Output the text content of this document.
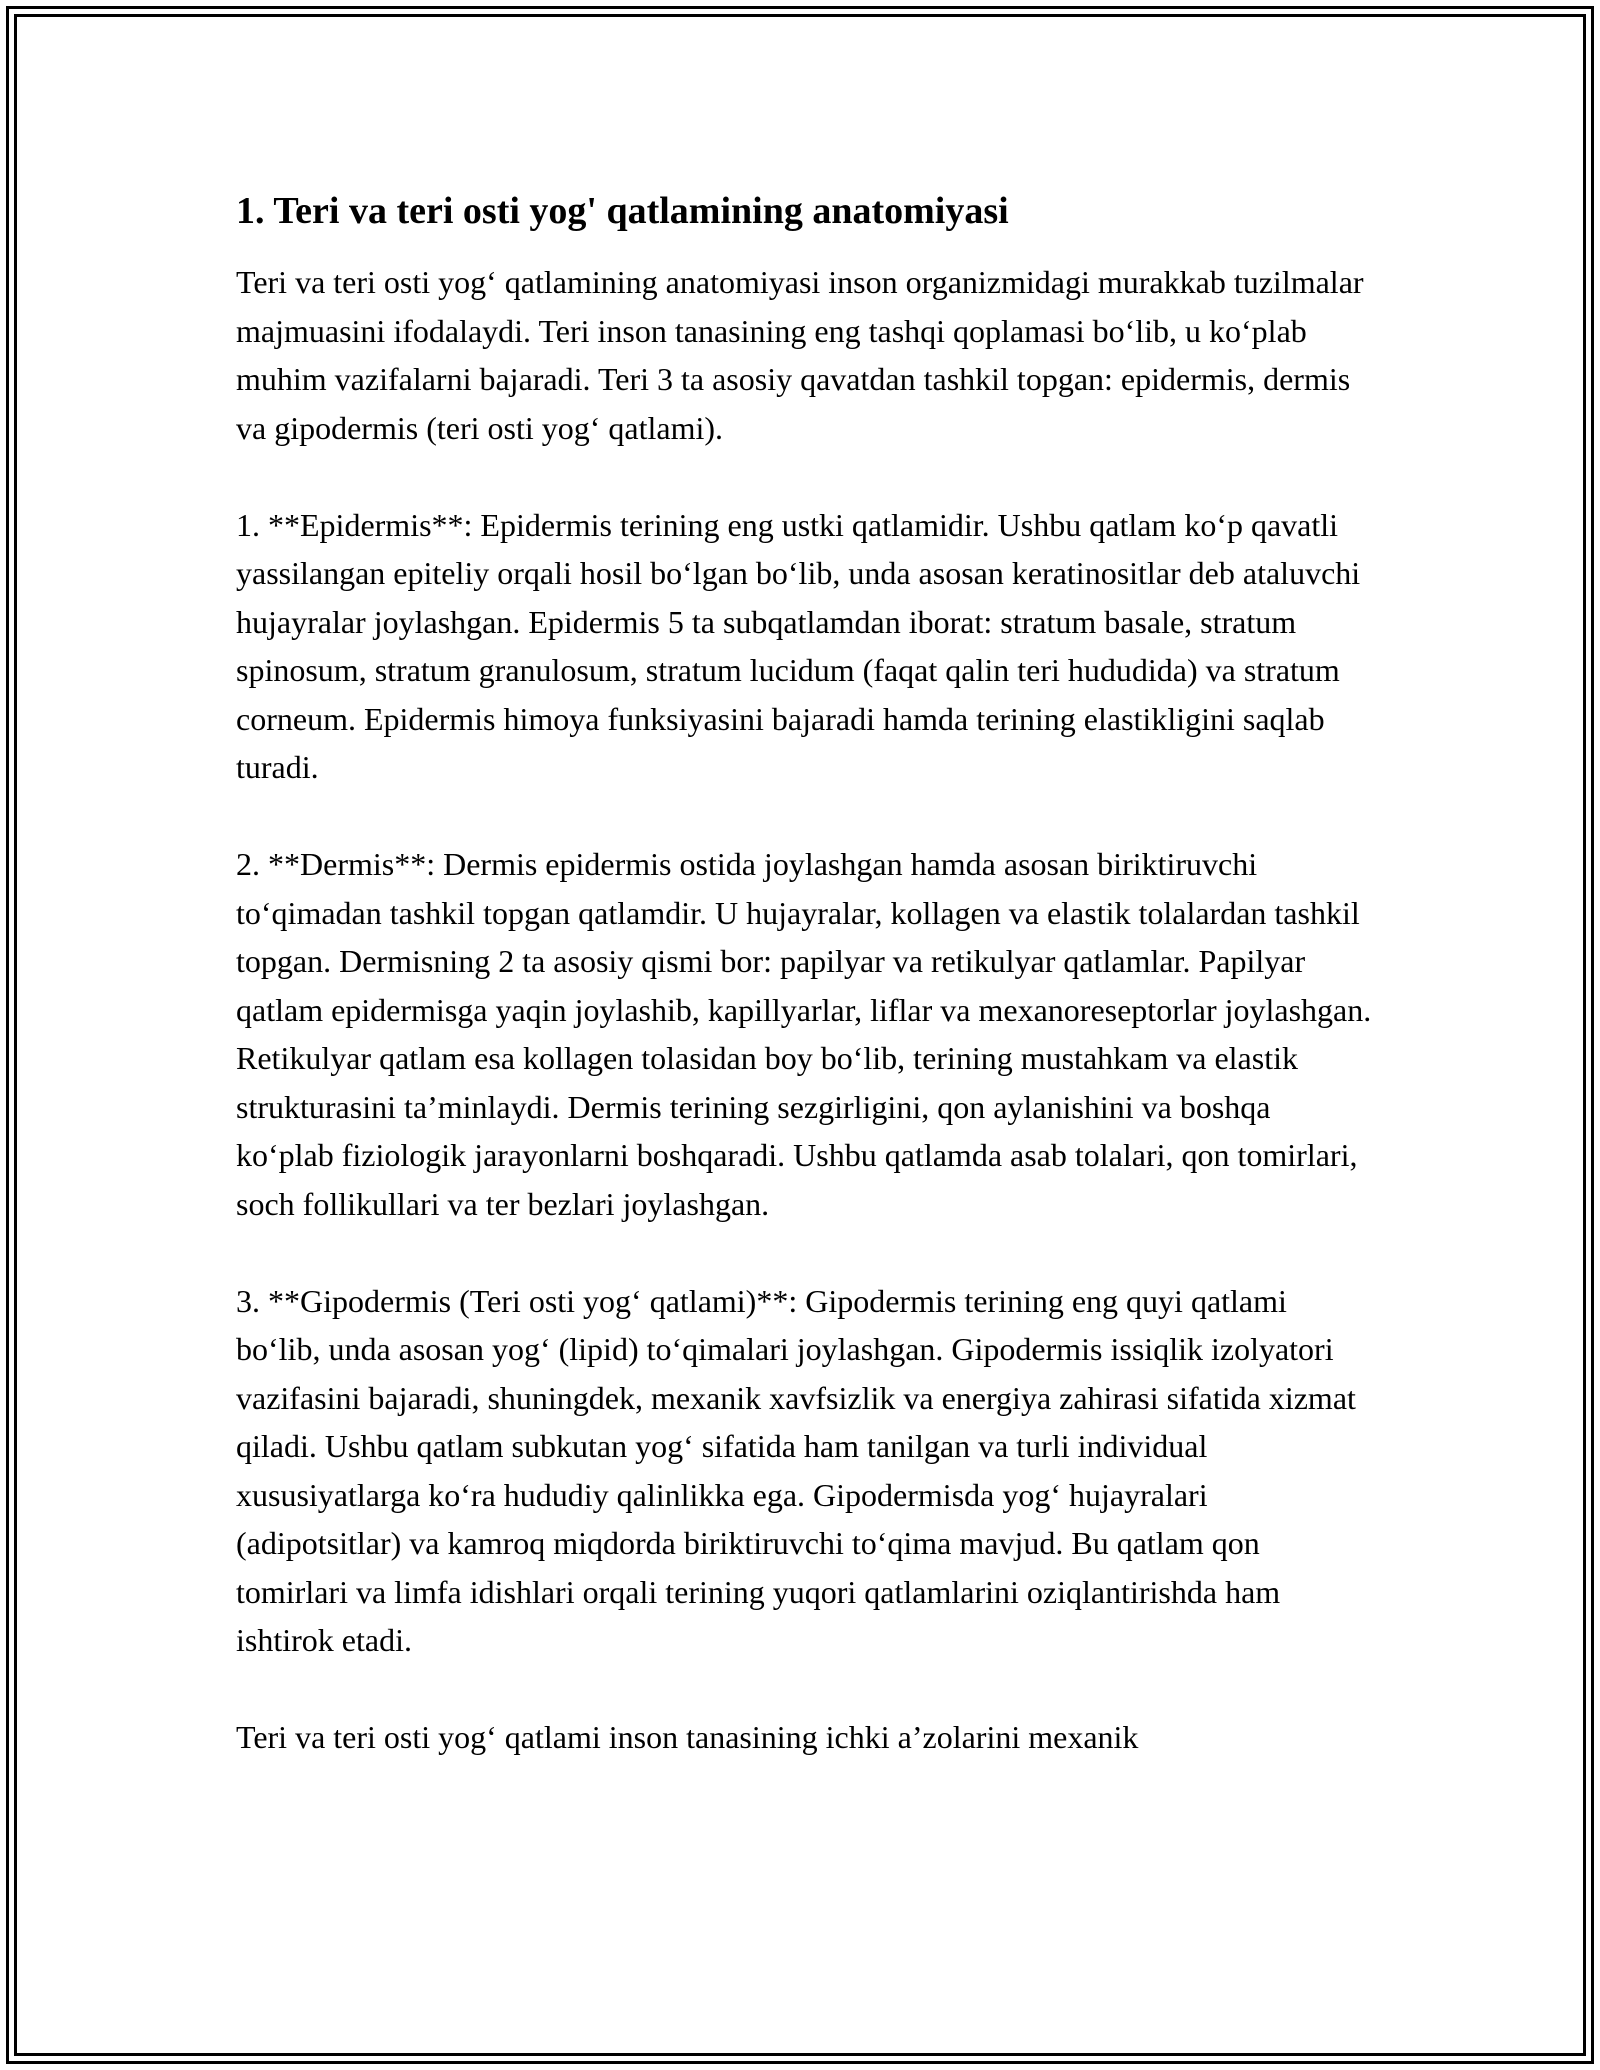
1. Teri va teri osti yog' qatlamining anatomiyasi

Teri va teri osti yog‘ qatlamining anatomiyasi inson organizmidagi murakkab tuzilmalar majmuasini ifodalaydi. Teri inson tanasining eng tashqi qoplamasi bo‘lib, u ko‘plab muhim vazifalarni bajaradi. Teri 3 ta asosiy qavatdan tashkil topgan: epidermis, dermis va gipodermis (teri osti yog‘ qatlami).

1. **Epidermis**: Epidermis terining eng ustki qatlamidir. Ushbu qatlam ko‘p qavatli yassilangan epiteliy orqali hosil bo‘lgan bo‘lib, unda asosan keratinositlar deb ataluvchi hujayralar joylashgan. Epidermis 5 ta subqatlamdan iborat: stratum basale, stratum spinosum, stratum granulosum, stratum lucidum (faqat qalin teri hududida) va stratum corneum. Epidermis himoya funksiyasini bajaradi hamda terining elastikligini saqlab turadi.

2. **Dermis**: Dermis epidermis ostida joylashgan hamda asosan biriktiruvchi to‘qimadan tashkil topgan qatlamdir. U hujayralar, kollagen va elastik tolalardan tashkil topgan. Dermisning 2 ta asosiy qismi bor: papilyar va retikulyar qatlamlar. Papilyar qatlam epidermisga yaqin joylashib, kapillyarlar, liflar va mexanoreseptorlar joylashgan. Retikulyar qatlam esa kollagen tolasidan boy bo‘lib, terining mustahkam va elastik strukturasini ta’minlaydi. Dermis terining sezgirligini, qon aylanishini va boshqa ko‘plab fiziologik jarayonlarni boshqaradi. Ushbu qatlamda asab tolalari, qon tomirlari, soch follikullari va ter bezlari joylashgan.

3. **Gipodermis (Teri osti yog‘ qatlami)**: Gipodermis terining eng quyi qatlami bo‘lib, unda asosan yog‘ (lipid) to‘qimalari joylashgan. Gipodermis issiqlik izolyatori vazifasini bajaradi, shuningdek, mexanik xavfsizlik va energiya zahirasi sifatida xizmat qiladi. Ushbu qatlam subkutan yog‘ sifatida ham tanilgan va turli individual xususiyatlarga ko‘ra hududiy qalinlikka ega. Gipodermisda yog‘ hujayralari (adipotsitlar) va kamroq miqdorda biriktiruvchi to‘qima mavjud. Bu qatlam qon tomirlari va limfa idishlari orqali terining yuqori qatlamlarini oziqlantirishda ham ishtirok etadi.

Teri va teri osti yog‘ qatlami inson tanasining ichki a’zolarini mexanik
